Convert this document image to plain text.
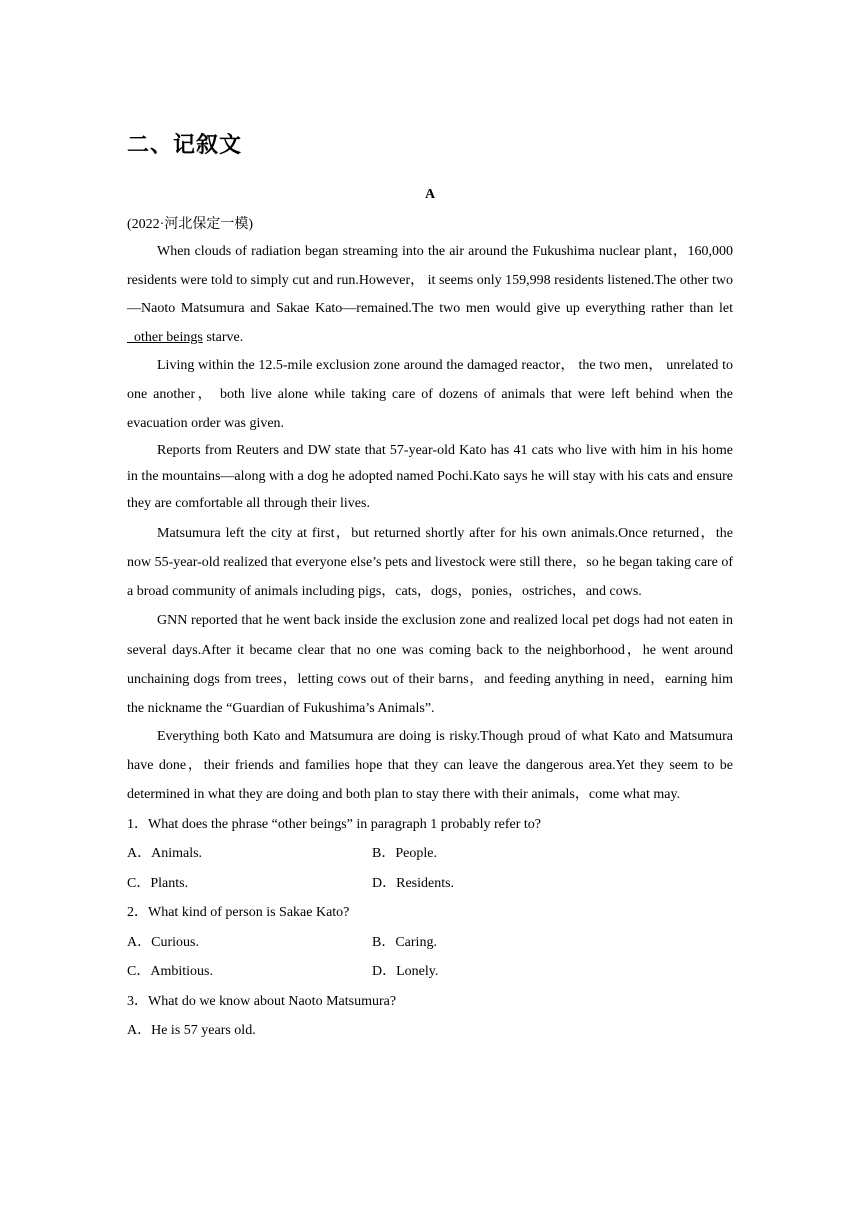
二、记叙文
A
(2022·河北保定一模)

When clouds of radiation began streaming into the air around the Fukushima nuclear plant，160,000 residents were told to simply cut and run.However， it seems only 159,998 residents listened.The other two—Naoto Matsumura and Sakae Kato—remained.The two men would give up everything rather than let   other beings starve.

Living within the 12.5-mile exclusion zone around the damaged reactor， the two men， unrelated to one another， both live alone while taking care of dozens of animals that were left behind when the evacuation order was given.

Reports from Reuters and DW state that 57-year-old Kato has 41 cats who live with him in his home in the mountains—along with a dog he adopted named Pochi.Kato says he will stay with his cats and ensure they are comfortable all through their lives.

Matsumura left the city at first，but returned shortly after for his own animals.Once returned，the now 55-year-old realized that everyone else’s pets and livestock were still there，so he began taking care of a broad community of animals including pigs，cats，dogs，ponies，ostriches，and cows.

GNN reported that he went back inside the exclusion zone and realized local pet dogs had not eaten in several days.After it became clear that no one was coming back to the neighborhood，he went around unchaining dogs from trees，letting cows out of their barns，and feeding anything in need，earning him the nickname the “Guardian of Fukushima’s Animals”.

Everything both Kato and Matsumura are doing is risky.Though proud of what Kato and Matsumura have done，their friends and families hope that they can leave the dangerous area.Yet they seem to be determined in what they are doing and both plan to stay there with their animals，come what may.

1．What does the phrase “other beings” in paragraph 1 probably refer to?
A．Animals.	B．People.
C．Plants.	D．Residents.
2．What kind of person is Sakae Kato?
A．Curious.	B．Caring.
C．Ambitious.	D．Lonely.
3．What do we know about Naoto Matsumura?
A．He is 57 years old.
